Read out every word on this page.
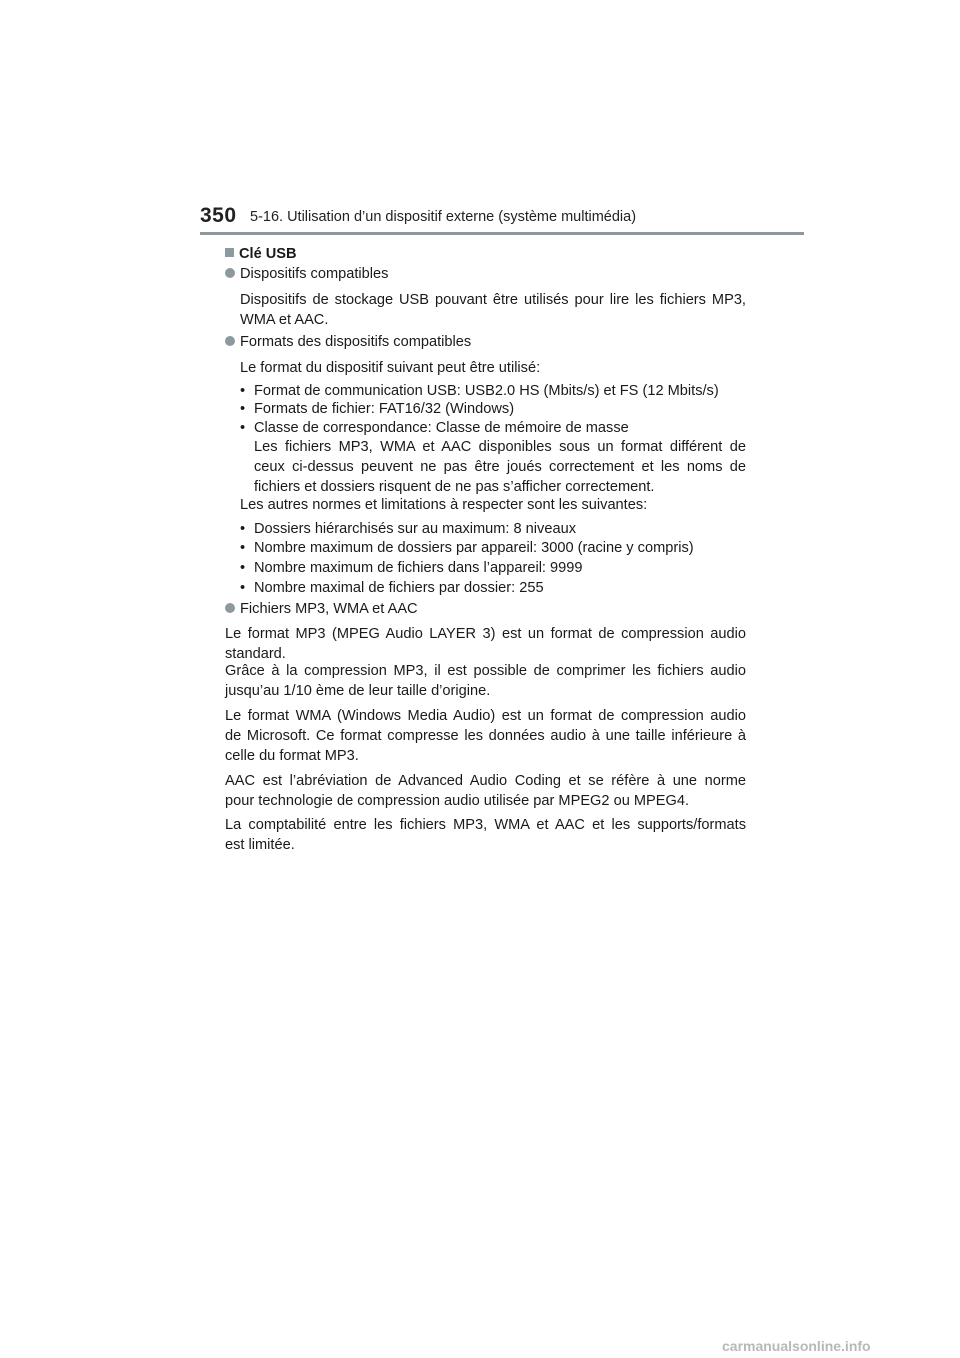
350 5-16. Utilisation d’un dispositif externe (système multimédia)
Clé USB
Dispositifs compatibles
Dispositifs de stockage USB pouvant être utilisés pour lire les fichiers MP3,
WMA et AAC.
Formats des dispositifs compatibles
Le format du dispositif suivant peut être utilisé:
• Format de communication USB: USB2.0 HS (Mbits/s) et FS (12 Mbits/s)
• Formats de fichier: FAT16/32 (Windows)
• Classe de correspondance: Classe de mémoire de masse
Les fichiers MP3, WMA et AAC disponibles sous un format différent de
ceux ci-dessus peuvent ne pas être joués correctement et les noms de
fichiers et dossiers risquent de ne pas s’afficher correctement.
Les autres normes et limitations à respecter sont les suivantes:
• Dossiers hiérarchisés sur au maximum: 8 niveaux
• Nombre maximum de dossiers par appareil: 3000 (racine y compris)
• Nombre maximum de fichiers dans l’appareil: 9999
• Nombre maximal de fichiers par dossier: 255
Fichiers MP3, WMA et AAC
Le format MP3 (MPEG Audio LAYER 3) est un format de compression audio
standard.
Grâce à la compression MP3, il est possible de comprimer les fichiers audio
jusqu’au 1/10 ème de leur taille d’origine.
Le format WMA (Windows Media Audio) est un format de compression audio
de Microsoft. Ce format compresse les données audio à une taille inférieure à
celle du format MP3.
AAC est l’abréviation de Advanced Audio Coding et se réfère à une norme
pour technologie de compression audio utilisée par MPEG2 ou MPEG4.
La comptabilité entre les fichiers MP3, WMA et AAC et les supports/formats
est limitée.
carmanualsonline.info
